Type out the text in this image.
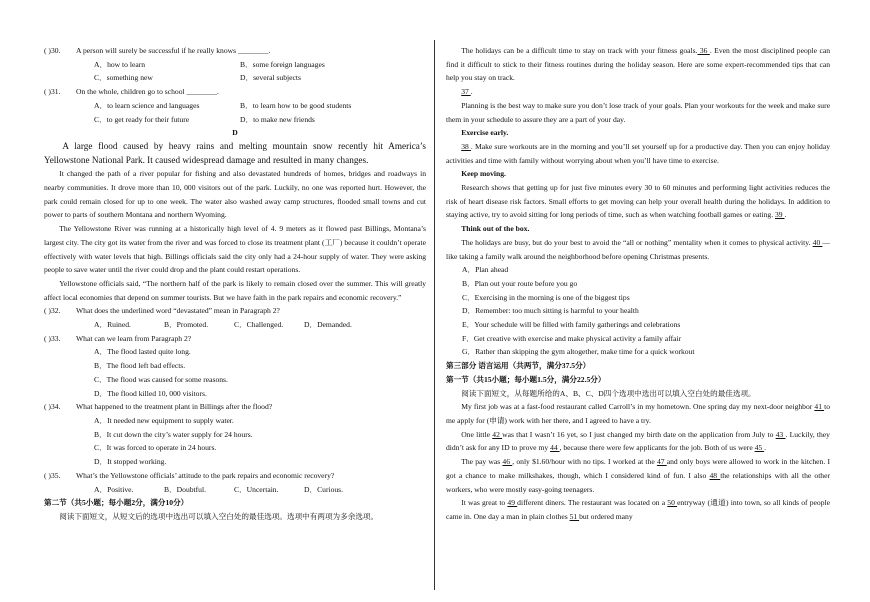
( )30.	A person will surely be successful if he really knows ________.
A．how to learn	B．some foreign languages
C．something new	D．several subjects
( )31.	On the whole, children go to school ________.
A．to learn science and languages	B．to learn how to be good students
C．to get ready for their future	D．to make new friends
D
A large flood caused by heavy rains and melting mountain snow recently hit America’s Yellowstone National Park. It caused widespread damage and resulted in many changes.
It changed the path of a river popular for fishing and also devastated hundreds of homes, bridges and roadways in nearby communities. It drove more than 10, 000 visitors out of the park. Luckily, no one was reported hurt. However, the park could remain closed for up to one week. The water also washed away camp structures, flooded small towns and cut power to parts of southern Montana and northern Wyoming.
The Yellowstone River was running at a historically high level of 4. 9 meters as it flowed past Billings, Montana’s largest city. The city got its water from the river and was forced to close its treatment plant (工厂) because it couldn’t operate effectively with water levels that high. Billings officials said the city only had a 24-hour supply of water. They were asking people to save water until the river could drop and the plant could restart operations.
Yellowstone officials said, “The northern half of the park is likely to remain closed over the summer. This will greatly affect local economies that depend on summer tourists. But we have faith in the park repairs and economic recovery.”
( )32.	What does the underlined word “devastated” mean in Paragraph 2?
A．Ruined.	B．Promoted.	C．Challenged.	D．Demanded.
( )33.	What can we learn from Paragraph 2?
A．The flood lasted quite long.
B．The flood left bad effects.
C．The flood was caused for some reasons.
D．The flood killed 10, 000 visitors.
( )34.	What happened to the treatment plant in Billings after the flood?
A．It needed new equipment to supply water.
B．It cut down the city’s water supply for 24 hours.
C．It was forced to operate in 24 hours.
D．It stopped working.
( )35.	What’s the Yellowstone officials’ attitude to the park repairs and economic recovery?
A．Positive.	B．Doubtful.	C．Uncertain.	D．Curious.
第二节（共5小题；每小题2分，满分10分）
阅读下面短文，从短文后的选项中选出可以填入空白处的最佳选项。选项中有两项为多余选项。
The holidays can be a difficult time to stay on track with your fitness goals. 36 . Even the most disciplined people can find it difficult to stick to their fitness routines during the holiday season. Here are some expert-recommended tips that can help you stay on track.
37 .
Planning is the best way to make sure you don’t lose track of your goals. Plan your workouts for the week and make sure them in your schedule to assure they are a part of your day.
Exercise early.
38 . Make sure workouts are in the morning and you’ll set yourself up for a productive day. Then you can enjoy holiday activities and time with family without worrying about when you’ll have time to exercise.
Keep moving.
Research shows that getting up for just five minutes every 30 to 60 minutes and performing light activities reduces the risk of heart disease risk factors. Small efforts to get moving can help your overall health during the holidays. In addition to staying active, try to avoid sitting for long periods of time, such as when watching football games or eating. 39 .
Think out of the box.
The holidays are busy, but do your best to avoid the “all or nothing” mentality when it comes to physical activity. 40 — like taking a family walk around the neighborhood before opening Christmas presents.
A．Plan ahead
B．Plan out your route before you go
C．Exercising in the morning is one of the biggest tips
D．Remember: too much sitting is harmful to your health
E．Your schedule will be filled with family gatherings and celebrations
F．Get creative with exercise and make physical activity a family affair
G．Rather than skipping the gym altogether, make time for a quick workout
第三部分 语言运用（共两节，满分37.5分）
第一节（共15小题；每小题1.5分，满分22.5分）
阅读下面短文，从每题所给的A、B、C、D四个选项中选出可以填入空白处的最佳选项。
My first job was at a fast-food restaurant called Carroll’s in my hometown. One spring day my next-door neighbor 41 to me apply for (申请) work with her there, and I agreed to have a try.
One little 42 was that I wasn’t 16 yet, so I just changed my birth date on the application from July to 43 . Luckily, they didn’t ask for any ID to prove my 44 , because there were few applicants for the job. Both of us were 45 .
The pay was 46 , only $1.60/hour with no tips. I worked at the 47 and only boys were allowed to work in the kitchen. I got a chance to make milkshakes, though, which I considered kind of fun. I also 48 the relationships with all the other workers, who were mostly easy-going teenagers.
It was great to 49 different diners. The restaurant was located on a 50 entryway (通道) into town, so all kinds of people came in. One day a man in plain clothes 51 but ordered many
